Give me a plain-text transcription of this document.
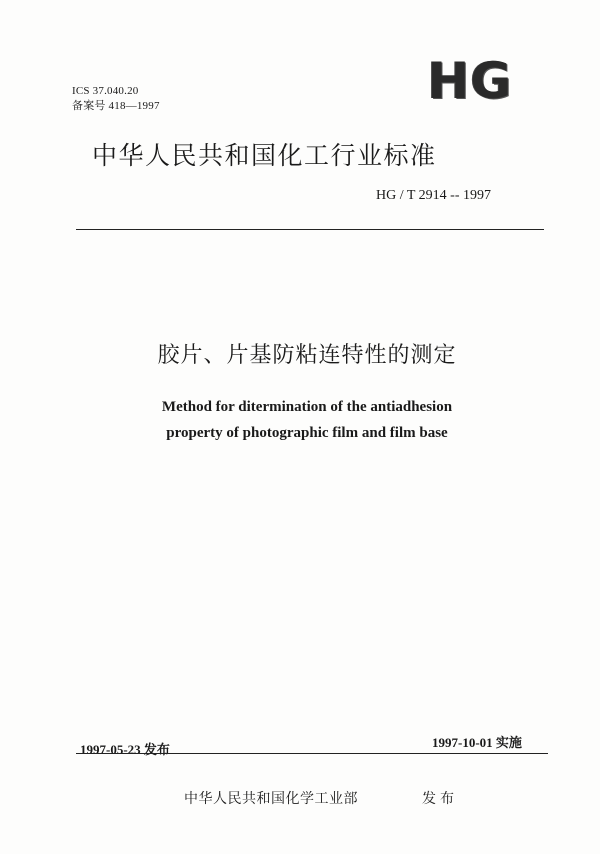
ICS 37.040.20
备案号 418—1997	HG
中华人民共和国化工行业标准
HG / T 2914 -- 1997
胶片、片基防粘连特性的测定
Method for ditermination of the antiadhesion
property of photographic film and film base
1997-05-23 发布	1997-10-01 实施
中华人民共和国化学工业部	发布
